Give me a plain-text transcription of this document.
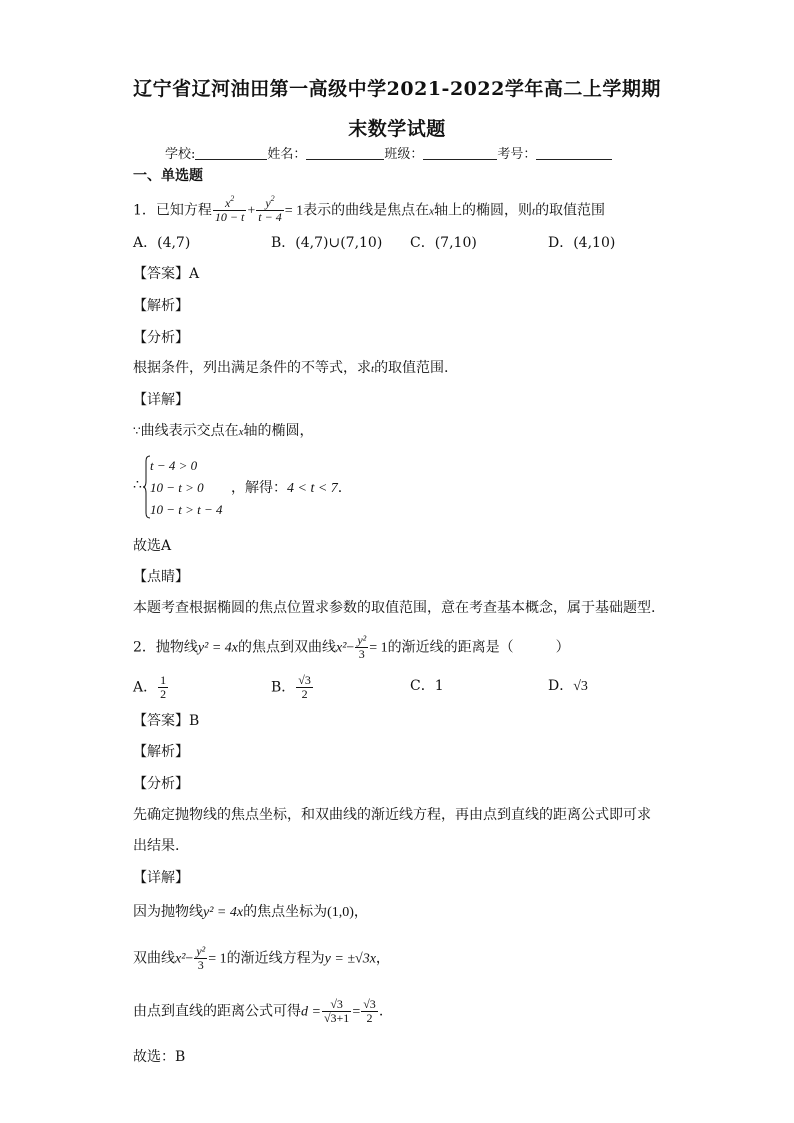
辽宁省辽河油田第一高级中学2021-2022学年高二上学期期
末数学试题
学校:	姓名：	班级：	考号：
一、单选题
1．已知方程 $\frac{x^2}{10 - t} + \frac{y^2}{t - 4} = 1$表示的曲线是焦点在x轴上的椭圆，则t的取值范围
A．(4,7)	B．(4,7)∪(7,10) C．(7,10)	D．(4,10)
【答案】A
【解析】
【分析】
根据条件，列出满足条件的不等式，求t的取值范围.
【详解】
∵曲线表示交点在x轴的椭圆，
∴
t − 4 > 0
10 − t > 0
10 − t > t − 4
，解得：4 < t < 7.
故选A
【点睛】
本题考查根据椭圆的焦点位置求参数的取值范围，意在考查基本概念，属于基础题型.
2．抛物线y² = 4x的焦点到双曲线$x^2- \frac{\text{y²}}{3} = 1$的渐近线的距离是（　　　）
A． $\frac{1}{2}$	B． $\frac{√3}{2}$	C．1	D．√3
【答案】B
【解析】
【分析】
先确定抛物线的焦点坐标，和双曲线的渐近线方程，再由点到直线的距离公式即可求
出结果.
【详解】
因为抛物线y² = 4x的焦点坐标为(1,0)，
双曲线$x^2- \frac{\text{y²}}{3} = 1$的渐近线方程为y = ±√3x，
由点到直线的距离公式可得$d = \frac{√3}{√3+1} = \frac{√3}{2}$ .
故选：B
